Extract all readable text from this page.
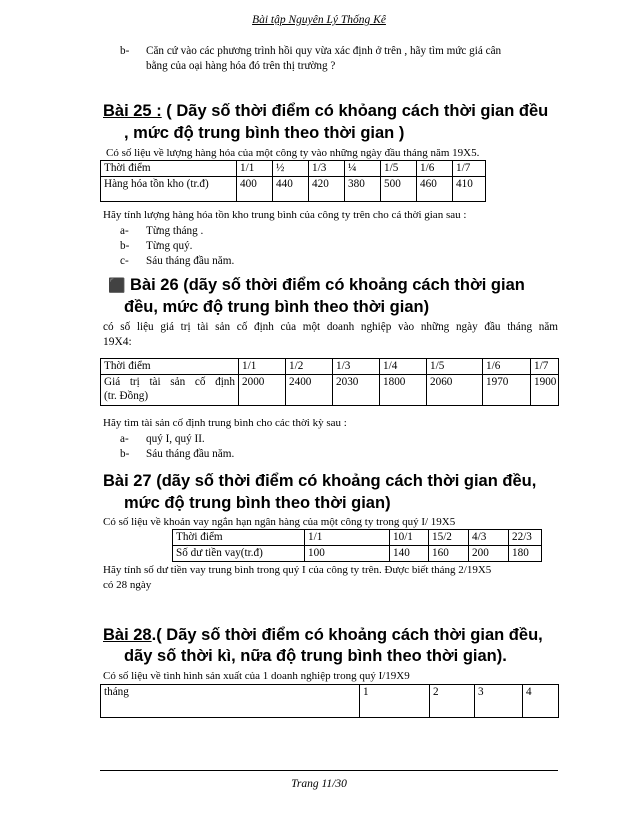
Bài tập Nguyên Lý Thống Kê
b- Căn cứ vào các phương trình hồi quy vừa xác định ở trên , hãy tìm mức giá cân
bằng của oại hàng hóa đó trên thị trường ?
Bài 25 : ( Dãy số thời điểm có khỏang cách thời gian đều
, mức độ trung bình theo thời gian )
Có số liệu về lượng hàng hóa của một công ty vào những ngày đầu tháng năm 19X5.
Thời điểm	1/1	½	1/3	¼	1/5	1/6	1/7
Hàng hóa tồn kho (tr.đ)	400	440	420	380	500	460	410
Hãy tính lượng hàng hóa tồn kho trung bình của công ty trên cho cá thời gian sau :
a- Từng tháng .
b- Từng quý.
c- Sáu tháng đầu năm.
⬛ Bài 26 (dãy số thời điểm có khoảng cách thời gian
đều, mức độ trung bình theo thời gian)
có số liệu giá trị tài sản cố định của một doanh nghiệp vào những ngày đầu tháng năm
19X4:
Thời điểm	1/1	1/2	1/3	1/4	1/5	1/6	1/7

Giá trị tài sản cố định
(tr. Đồng)	2000	2400	2030	1800	2060	1970	1900
Hãy tìm tài sản cố định trung bình cho các thời kỳ sau :
a- quý I, quý II.
b- Sáu tháng đầu năm.
Bài 27 (dãy số thời điểm có khoảng cách thời gian đều,
mức độ trung bình theo thời gian)
Có số liệu về khoản vay ngắn hạn ngân hàng của một công ty trong quý I/ 19X5
Thời điểm	1/1	10/1	15/2	4/3	22/3
Số dư tiền vay(tr.đ)	100	140	160	200	180
Hãy tính số dư tiền vay trung bình trong quý I của công ty trên. Được biết tháng 2/19X5
có 28 ngày
Bài 28.( Dãy số thời điểm có khoảng cách thời gian đều,
dãy số thời kì, nữa độ trung bình theo thời gian).
Có số liệu về tình hình sản xuất của 1 doanh nghiệp trong quý I/19X9
tháng	1	2	3	4
Trang 11/30
